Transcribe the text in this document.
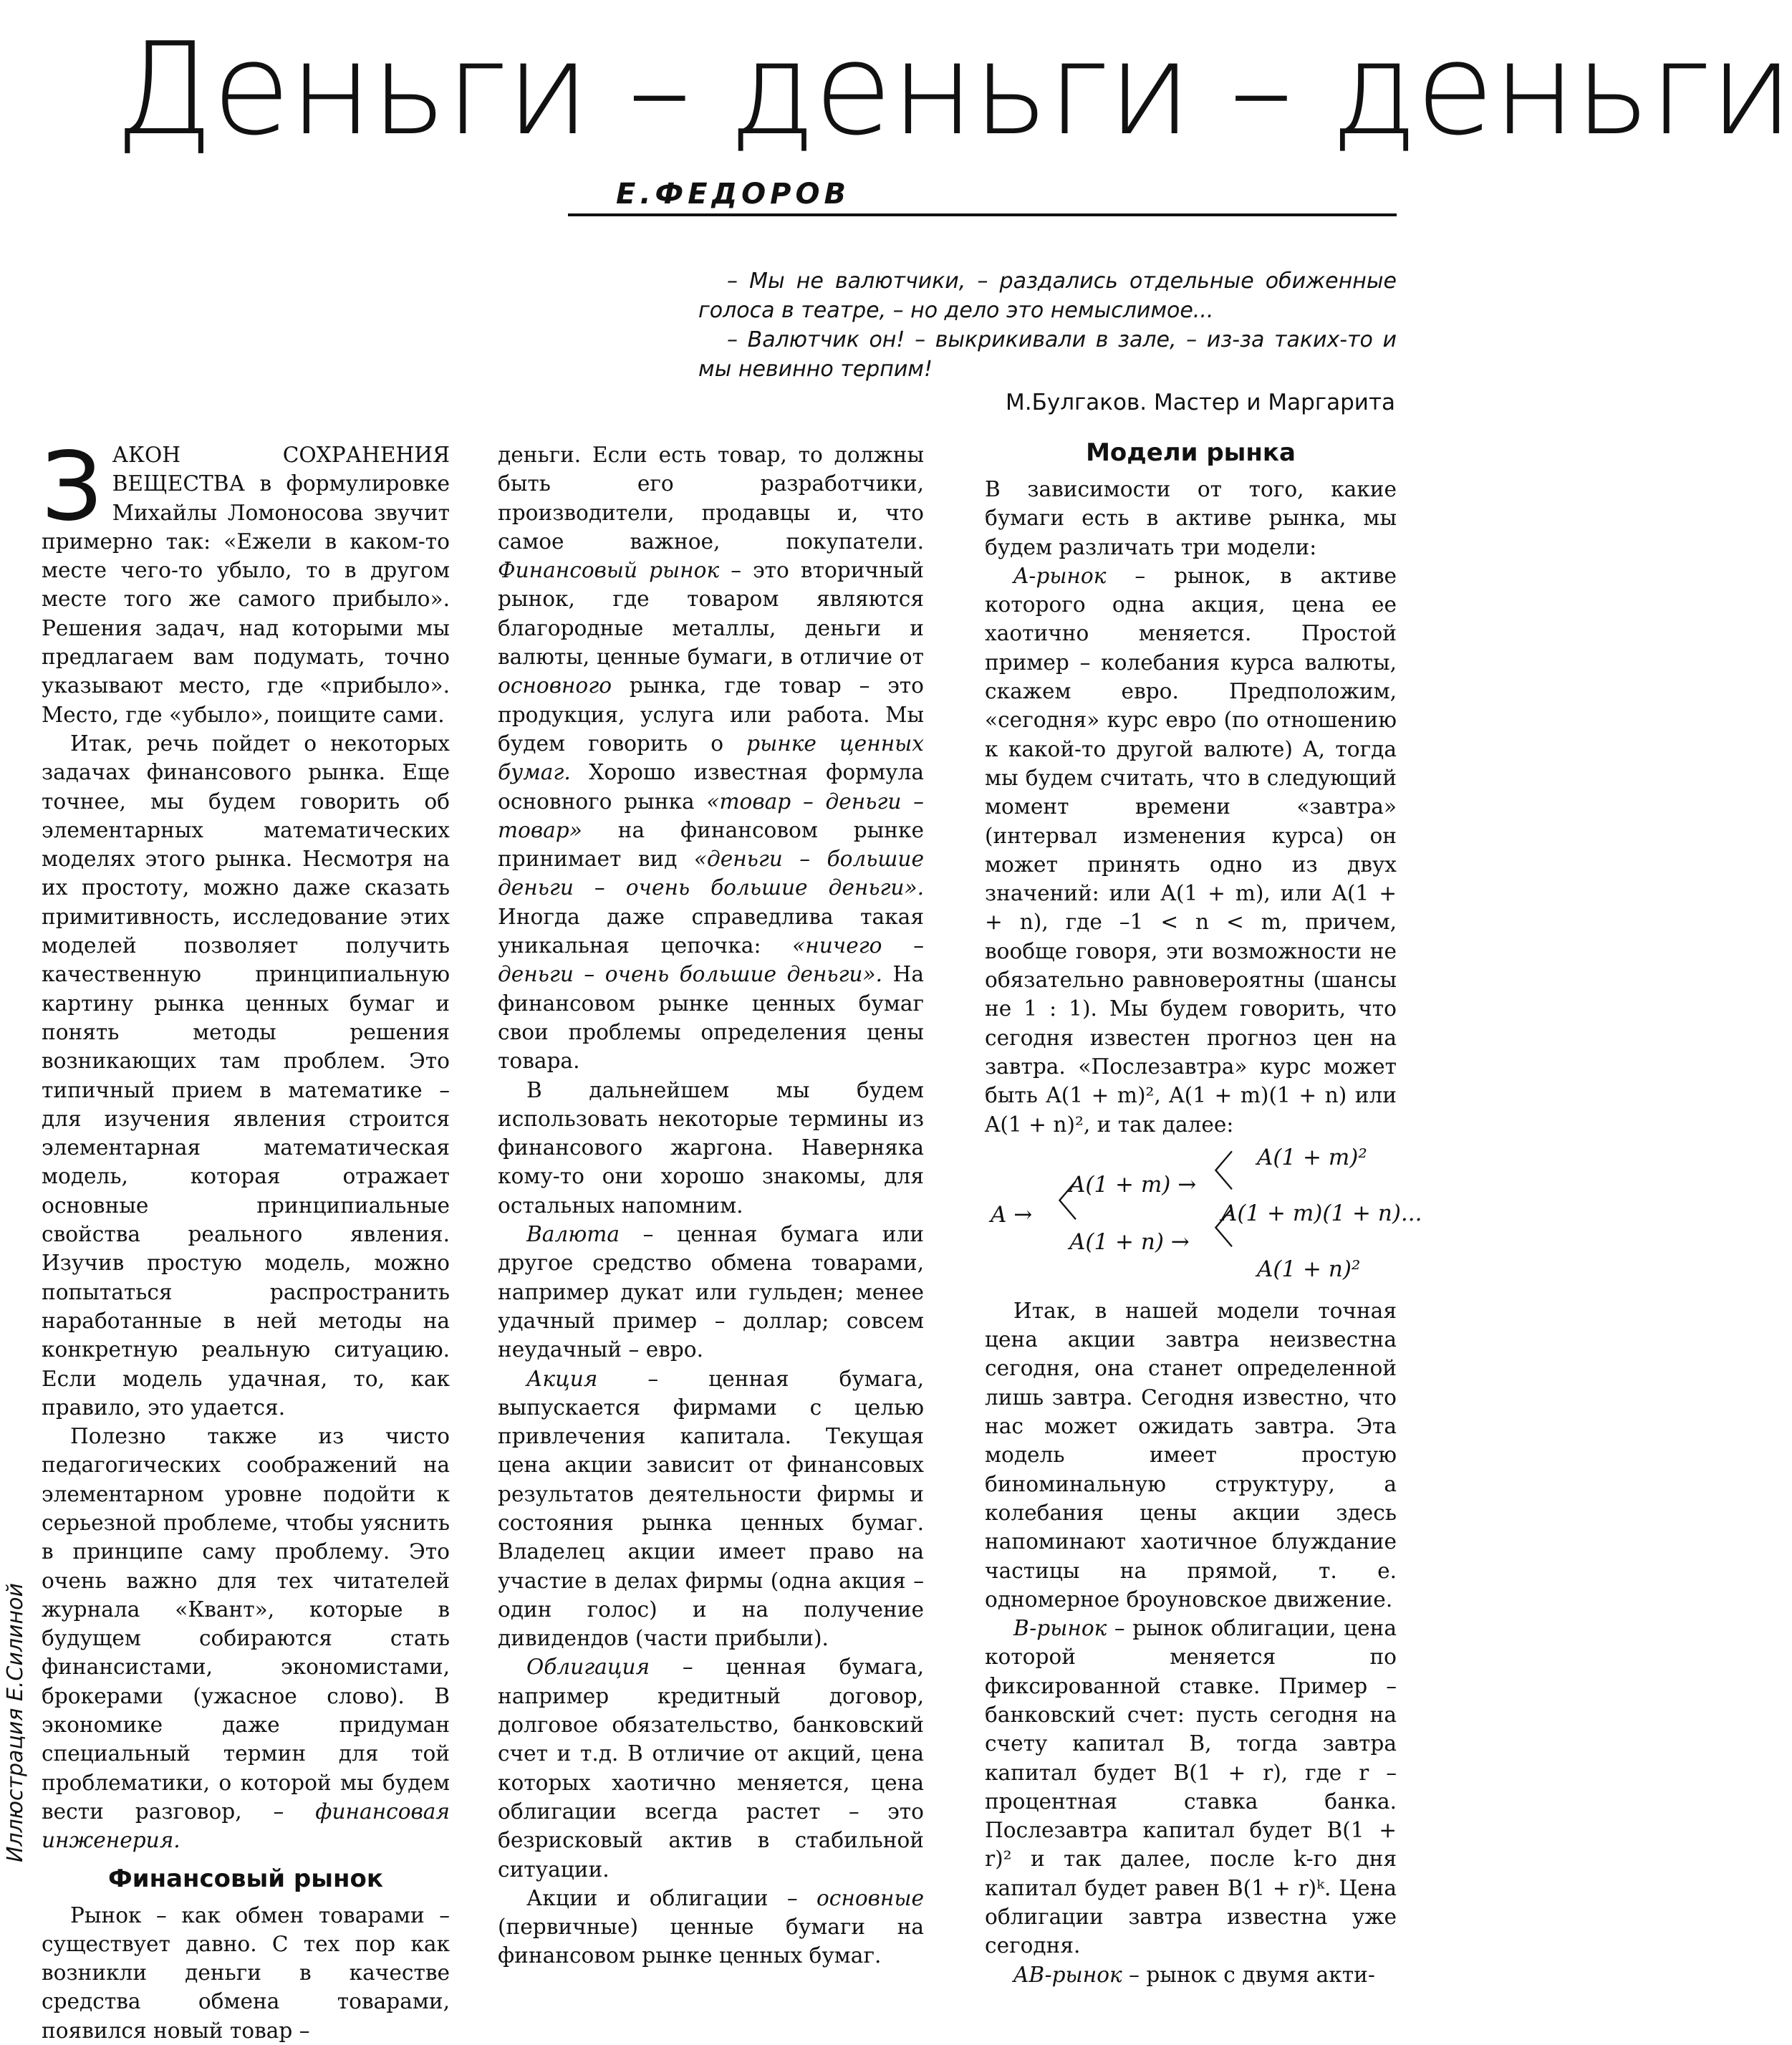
Деньги – деньги – деньги
Е.ФЕДОРОВ

– Мы не валютчики, – раздались отдельные обиженные голоса в театре, – но дело это немыслимое...

– Валютчик он! – выкрикивали в зале, – из-за таких-то и мы невинно терпим!

М.Булгаков. Мастер и Маргарита

ЗАКОН СОХРАНЕНИЯ ВЕЩЕСТВА в формулировке Михайлы Ломоносова звучит примерно так: «Ежели в каком-то месте чего-то убыло, то в другом месте того же самого прибыло». Решения задач, над которыми мы предлагаем вам подумать, точно указывают место, где «прибыло». Место, где «убыло», поищите сами.

Итак, речь пойдет о некоторых задачах финансового рынка. Еще точнее, мы будем говорить об элементарных математических моделях этого рынка. Несмотря на их простоту, можно даже сказать примитивность, исследование этих моделей позволяет получить качественную принципиальную картину рынка ценных бумаг и понять методы решения возникающих там проблем. Это типичный прием в математике – для изучения явления строится элементарная математическая модель, которая отражает основные принципиальные свойства реального явления. Изучив простую модель, можно попытаться распространить наработанные в ней методы на конкретную реальную ситуацию. Если модель удачная, то, как правило, это удается.

Полезно также из чисто педагогических соображений на элементарном уровне подойти к серьезной проблеме, чтобы уяснить в принципе саму проблему. Это очень важно для тех читателей журнала «Квант», которые в будущем собираются стать финансистами, экономистами, брокерами (ужасное слово). В экономике даже придуман специальный термин для той проблематики, о которой мы будем вести разговор, – финансовая инженерия.

Финансовый рынок

Рынок – как обмен товарами – существует давно. С тех пор как возникли деньги в качестве средства обмена товарами, появился новый товар –

деньги. Если есть товар, то должны быть его разработчики, производители, продавцы и, что самое важное, покупатели. Финансовый рынок – это вторичный рынок, где товаром являются благородные металлы, деньги и валюты, ценные бумаги, в отличие от основного рынка, где товар – это продукция, услуга или работа. Мы будем говорить о рынке ценных бумаг. Хорошо известная формула основного рынка «товар – деньги – товар» на финансовом рынке принимает вид «деньги – большие деньги – очень большие деньги». Иногда даже справедлива такая уникальная цепочка: «ничего – деньги – очень большие деньги». На финансовом рынке ценных бумаг свои проблемы определения цены товара.

В дальнейшем мы будем использовать некоторые термины из финансового жаргона. Наверняка кому-то они хорошо знакомы, для остальных напомним.

Валюта – ценная бумага или другое средство обмена товарами, например дукат или гульден; менее удачный пример – доллар; совсем неудачный – евро.

Акция – ценная бумага, выпускается фирмами с целью привлечения капитала. Текущая цена акции зависит от финансовых результатов деятельности фирмы и состояния рынка ценных бумаг. Владелец акции имеет право на участие в делах фирмы (одна акция – один голос) и на получение дивидендов (части прибыли).

Облигация – ценная бумага, например кредитный договор, долговое обязательство, банковский счет и т.д. В отличие от акций, цена которых хаотично меняется, цена облигации всегда растет – это безрисковый актив в стабильной ситуации.

Акции и облигации – основные (первичные) ценные бумаги на финансовом рынке ценных бумаг.

Модели рынка

В зависимости от того, какие бумаги есть в активе рынка, мы будем различать три модели:

A-рынок – рынок, в активе которого одна акция, цена ее хаотично меняется. Простой пример – колебания курса валюты, скажем евро. Предположим, «сегодня» курс евро (по отношению к какой-то другой валюте) A, тогда мы будем считать, что в следующий момент времени «завтра» (интервал изменения курса) он может принять одно из двух значений: или A(1 + m), или A(1 + + n), где –1 < n < m, причем, вообще говоря, эти возможности не обязательно равновероятны (шансы не 1 : 1). Мы будем говорить, что сегодня известен прогноз цен на завтра. «Послезавтра» курс может быть A(1 + m)², A(1 + m)(1 + n) или A(1 + n)², и так далее:

A → 〈
A(1 + m) →
A(1 + n) →
〈
〈
A(1 + m)²
A(1 + m)(1 + n)...
A(1 + n)²

Итак, в нашей модели точная цена акции завтра неизвестна сегодня, она станет определенной лишь завтра. Сегодня известно, что нас может ожидать завтра. Эта модель имеет простую биноминальную структуру, а колебания цены акции здесь напоминают хаотичное блуждание частицы на прямой, т. е. одномерное броуновское движение.

B-рынок – рынок облигации, цена которой меняется по фиксированной ставке. Пример – банковский счет: пусть сегодня на счету капитал B, тогда завтра капитал будет B(1 + r), где r – процентная ставка банка. Послезавтра капитал будет B(1 + r)² и так далее, после k-го дня капитал будет равен B(1 + r)ᵏ. Цена облигации завтра известна уже сегодня.

AB-рынок – рынок с двумя акти-

Иллюстрация Е.Силиной
